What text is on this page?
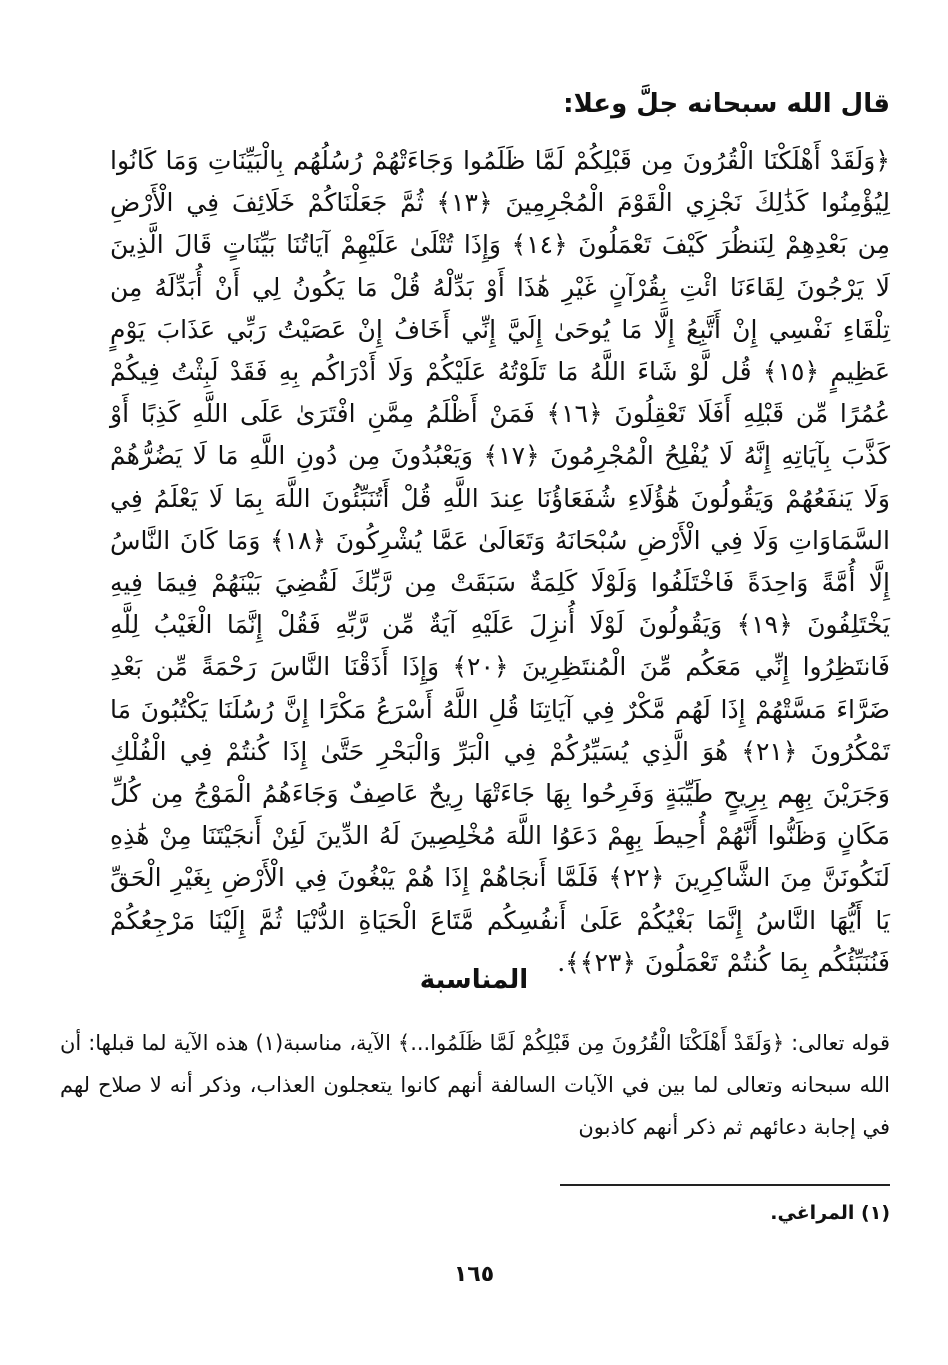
قال الله سبحانه جلَّ وعلا:
﴿وَلَقَدْ أَهْلَكْنَا الْقُرُونَ مِن قَبْلِكُمْ لَمَّا ظَلَمُوا وَجَاءَتْهُمْ رُسُلُهُم بِالْبَيِّنَاتِ وَمَا كَانُوا لِيُؤْمِنُوا كَذَٰلِكَ نَجْزِي الْقَوْمَ الْمُجْرِمِينَ ﴿١٣﴾ ثُمَّ جَعَلْنَاكُمْ خَلَائِفَ فِي الْأَرْضِ مِن بَعْدِهِمْ لِنَنظُرَ كَيْفَ تَعْمَلُونَ ﴿١٤﴾ وَإِذَا تُتْلَىٰ عَلَيْهِمْ آيَاتُنَا بَيِّنَاتٍ قَالَ الَّذِينَ لَا يَرْجُونَ لِقَاءَنَا ائْتِ بِقُرْآنٍ غَيْرِ هَٰذَا أَوْ بَدِّلْهُ قُلْ مَا يَكُونُ لِي أَنْ أُبَدِّلَهُ مِن تِلْقَاءِ نَفْسِي إِنْ أَتَّبِعُ إِلَّا مَا يُوحَىٰ إِلَيَّ إِنِّي أَخَافُ إِنْ عَصَيْتُ رَبِّي عَذَابَ يَوْمٍ عَظِيمٍ ﴿١٥﴾ قُل لَّوْ شَاءَ اللَّهُ مَا تَلَوْتُهُ عَلَيْكُمْ وَلَا أَدْرَاكُم بِهِ فَقَدْ لَبِثْتُ فِيكُمْ عُمُرًا مِّن قَبْلِهِ أَفَلَا تَعْقِلُونَ ﴿١٦﴾ فَمَنْ أَظْلَمُ مِمَّنِ افْتَرَىٰ عَلَى اللَّهِ كَذِبًا أَوْ كَذَّبَ بِآيَاتِهِ إِنَّهُ لَا يُفْلِحُ الْمُجْرِمُونَ ﴿١٧﴾ وَيَعْبُدُونَ مِن دُونِ اللَّهِ مَا لَا يَضُرُّهُمْ وَلَا يَنفَعُهُمْ وَيَقُولُونَ هَٰؤُلَاءِ شُفَعَاؤُنَا عِندَ اللَّهِ قُلْ أَتُنَبِّئُونَ اللَّهَ بِمَا لَا يَعْلَمُ فِي السَّمَاوَاتِ وَلَا فِي الْأَرْضِ سُبْحَانَهُ وَتَعَالَىٰ عَمَّا يُشْرِكُونَ ﴿١٨﴾ وَمَا كَانَ النَّاسُ إِلَّا أُمَّةً وَاحِدَةً فَاخْتَلَفُوا وَلَوْلَا كَلِمَةٌ سَبَقَتْ مِن رَّبِّكَ لَقُضِيَ بَيْنَهُمْ فِيمَا فِيهِ يَخْتَلِفُونَ ﴿١٩﴾ وَيَقُولُونَ لَوْلَا أُنزِلَ عَلَيْهِ آيَةٌ مِّن رَّبِّهِ فَقُلْ إِنَّمَا الْغَيْبُ لِلَّهِ فَانتَظِرُوا إِنِّي مَعَكُم مِّنَ الْمُنتَظِرِينَ ﴿٢٠﴾ وَإِذَا أَذَقْنَا النَّاسَ رَحْمَةً مِّن بَعْدِ ضَرَّاءَ مَسَّتْهُمْ إِذَا لَهُم مَّكْرٌ فِي آيَاتِنَا قُلِ اللَّهُ أَسْرَعُ مَكْرًا إِنَّ رُسُلَنَا يَكْتُبُونَ مَا تَمْكُرُونَ ﴿٢١﴾ هُوَ الَّذِي يُسَيِّرُكُمْ فِي الْبَرِّ وَالْبَحْرِ حَتَّىٰ إِذَا كُنتُمْ فِي الْفُلْكِ وَجَرَيْنَ بِهِم بِرِيحٍ طَيِّبَةٍ وَفَرِحُوا بِهَا جَاءَتْهَا رِيحٌ عَاصِفٌ وَجَاءَهُمُ الْمَوْجُ مِن كُلِّ مَكَانٍ وَظَنُّوا أَنَّهُمْ أُحِيطَ بِهِمْ دَعَوُا اللَّهَ مُخْلِصِينَ لَهُ الدِّينَ لَئِنْ أَنجَيْتَنَا مِنْ هَٰذِهِ لَنَكُونَنَّ مِنَ الشَّاكِرِينَ ﴿٢٢﴾ فَلَمَّا أَنجَاهُمْ إِذَا هُمْ يَبْغُونَ فِي الْأَرْضِ بِغَيْرِ الْحَقِّ يَا أَيُّهَا النَّاسُ إِنَّمَا بَغْيُكُمْ عَلَىٰ أَنفُسِكُم مَّتَاعَ الْحَيَاةِ الدُّنْيَا ثُمَّ إِلَيْنَا مَرْجِعُكُمْ فَنُنَبِّئُكُم بِمَا كُنتُمْ تَعْمَلُونَ ﴿٢٣﴾﴾.
المناسبة
قوله تعالى: ﴿وَلَقَدْ أَهْلَكْنَا الْقُرُونَ مِن قَبْلِكُمْ لَمَّا ظَلَمُوا...﴾ الآية، مناسبة(١) هذه الآية لما قبلها: أن الله سبحانه وتعالى لما بين في الآيات السالفة أنهم كانوا يتعجلون العذاب، وذكر أنه لا صلاح لهم في إجابة دعائهم ثم ذكر أنهم كاذبون
(١) المراغي.
١٦٥
